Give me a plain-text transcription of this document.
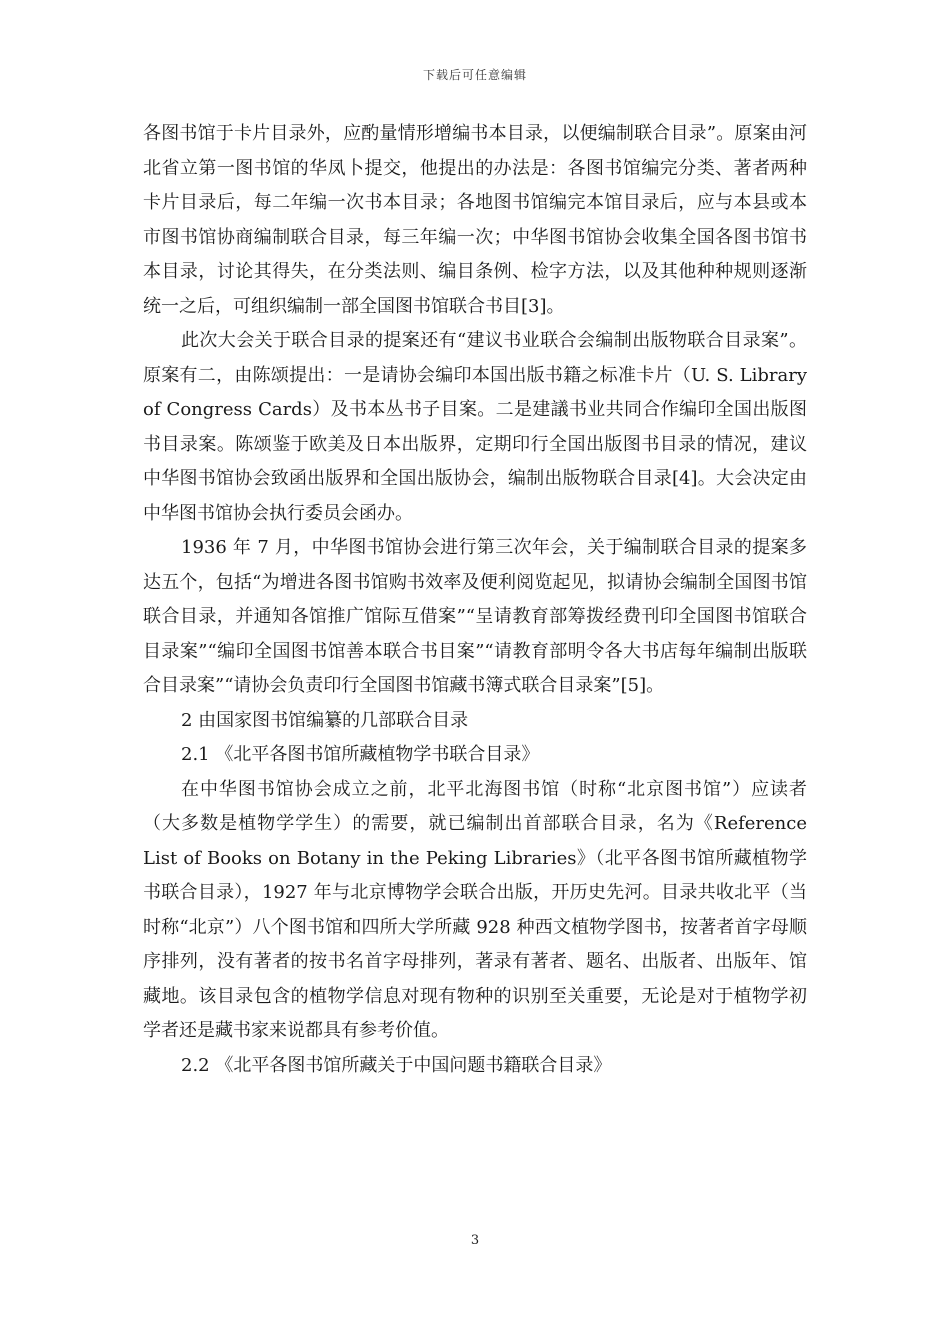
下载后可任意编辑

各图书馆于卡片目录外，应酌量情形增编书本目录，以便编制联合目录”。原案由河北省立第一图书馆的华凤卜提交，他提出的办法是：各图书馆编完分类、著者两种卡片目录后，每二年编一次书本目录；各地图书馆编完本馆目录后，应与本县或本市图书馆协商编制联合目录，每三年编一次；中华图书馆协会收集全国各图书馆书本目录，讨论其得失，在分类法则、编目条例、检字方法，以及其他种种规则逐渐统一之后，可组织编制一部全国图书馆联合书目[3]。

此次大会关于联合目录的提案还有“建议书业联合会编制出版物联合目录案”。原案有二，由陈颂提出：一是请协会编印本国出版书籍之标准卡片（U. S. Library of Congress Cards）及书本丛书子目案。二是建議书业共同合作编印全国出版图书目录案。陈颂鉴于欧美及日本出版界，定期印行全国出版图书目录的情况，建议中华图书馆协会致函出版界和全国出版协会，编制出版物联合目录[4]。大会决定由中华图书馆协会执行委员会函办。

1936 年 7 月，中华图书馆协会进行第三次年会，关于编制联合目录的提案多达五个，包括“为增进各图书馆购书效率及便利阅览起见，拟请协会编制全国图书馆联合目录，并通知各馆推广馆际互借案”“呈请教育部筹拨经费刊印全国图书馆联合目录案”“编印全国图书馆善本联合书目案”“请教育部明令各大书店每年编制出版联合目录案”“请协会负责印行全国图书馆藏书簿式联合目录案”[5]。

2 由国家图书馆编纂的几部联合目录

2.1 《北平各图书馆所藏植物学书联合目录》

在中华图书馆协会成立之前，北平北海图书馆（时称“北京图书馆”）应读者（大多数是植物学学生）的需要，就已编制出首部联合目录，名为《Reference List of Books on Botany in the Peking Libraries》（北平各图书馆所藏植物学书联合目录），1927 年与北京博物学会联合出版，开历史先河。目录共收北平（当时称“北京”）八个图书馆和四所大学所藏 928 种西文植物学图书，按著者首字母顺序排列，没有著者的按书名首字母排列，著录有著者、题名、出版者、出版年、馆藏地。该目录包含的植物学信息对现有物种的识别至关重要，无论是对于植物学初学者还是藏书家来说都具有参考价值。

2.2 《北平各图书馆所藏关于中国问题书籍联合目录》

3
